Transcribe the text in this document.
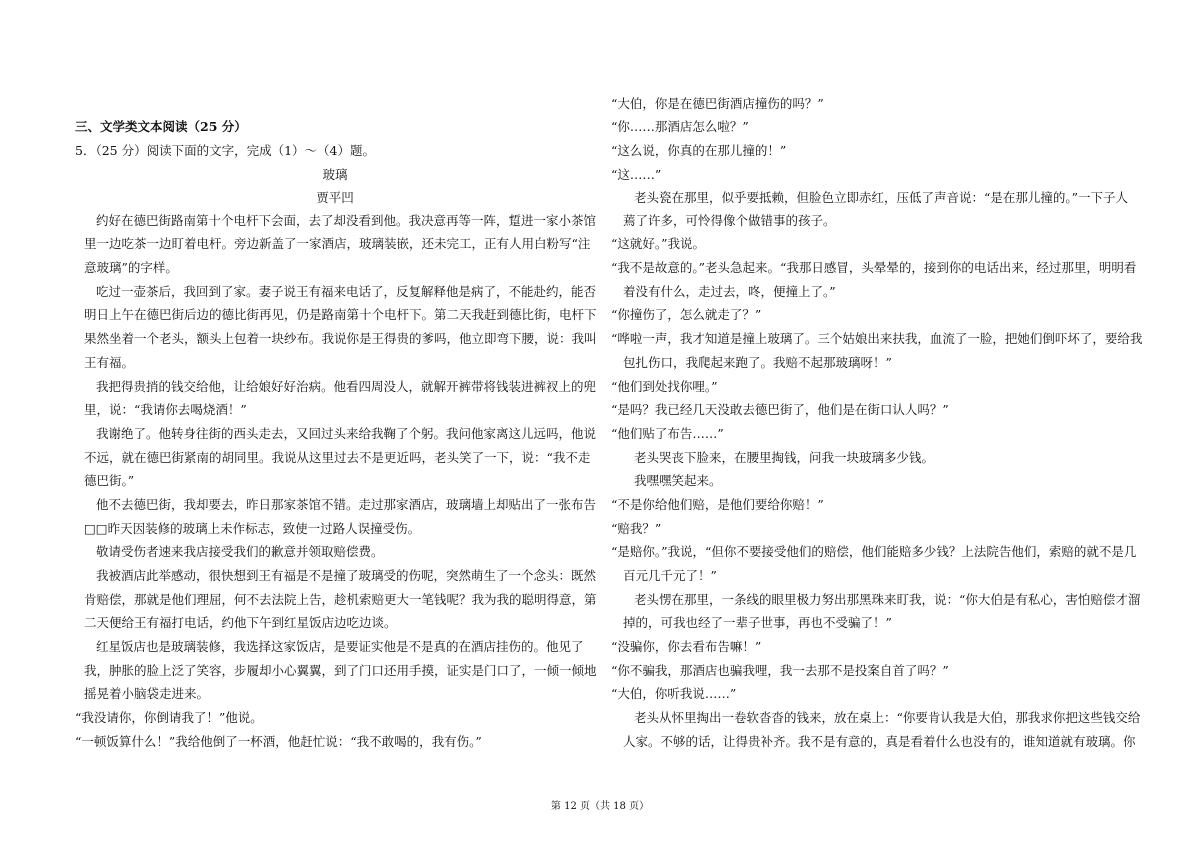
三、文学类文本阅读（25 分）
5．（25 分）阅读下面的文字，完成（1）～（4）题。
玻璃
贾平凹
约好在德巴街路南第十个电杆下会面，去了却没看到他。我决意再等一阵，踅进一家小茶馆
里一边吃茶一边盯着电杆。旁边新盖了一家酒店，玻璃装嵌，还未完工，正有人用白粉写“注
意玻璃”的字样。
吃过一壶茶后，我回到了家。妻子说王有福来电话了，反复解释他是病了，不能赴约，能否
明日上午在德巴街后边的德比街再见，仍是路南第十个电杆下。第二天我赶到德比街，电杆下
果然坐着一个老头，额头上包着一块纱布。我说你是王得贵的爹吗，他立即弯下腰，说：我叫
王有福。
我把得贵捎的钱交给他，让给娘好好治病。他看四周没人，就解开裤带将钱装进裤衩上的兜
里，说：“我请你去喝烧酒！”
我谢绝了。他转身往街的西头走去，又回过头来给我鞠了个躬。我问他家离这儿远吗，他说
不远，就在德巴街紧南的胡同里。我说从这里过去不是更近吗，老头笑了一下，说：“我不走
德巴街。”
他不去德巴街，我却要去，昨日那家茶馆不错。走过那家酒店，玻璃墙上却贴出了一张布告
□□昨天因装修的玻璃上未作标志，致使一过路人误撞受伤。
敬请受伤者速来我店接受我们的歉意并领取赔偿费。
我被酒店此举感动，很快想到王有福是不是撞了玻璃受的伤呢，突然萌生了一个念头：既然
肯赔偿，那就是他们理屈，何不去法院上告，趁机索赔更大一笔钱呢？我为我的聪明得意，第
二天便给王有福打电话，约他下午到红星饭店边吃边谈。
红星饭店也是玻璃装修，我选择这家饭店，是要证实他是不是真的在酒店挂伤的。他见了
我，肿胀的脸上泛了笑容，步履却小心翼翼，到了门口还用手摸，证实是门口了，一倾一倾地
摇晃着小脑袋走进来。
“我没请你，你倒请我了！”他说。
“一顿饭算什么！”我给他倒了一杯酒，他赶忙说：“我不敢喝的，我有伤。”
“大伯，你是在德巴街酒店撞伤的吗？”
“你……那酒店怎么啦？”
“这么说，你真的在那儿撞的！”
“这……”
老头瓷在那里，似乎要抵赖，但脸色立即赤红，压低了声音说：“是在那儿撞的。”一下子人
蔫了许多，可怜得像个做错事的孩子。
“这就好。”我说。
“我不是故意的。”老头急起来。“我那日感冒，头晕晕的，接到你的电话出来，经过那里，明明看
着没有什么，走过去，咚，便撞上了。”
“你撞伤了，怎么就走了？”
“哗啦一声，我才知道是撞上玻璃了。三个姑娘出来扶我，血流了一脸，把她们倒吓坏了，要给我
包扎伤口，我爬起来跑了。我赔不起那玻璃呀！”
“他们到处找你哩。”
“是吗？我已经几天没敢去德巴街了，他们是在街口认人吗？”
“他们贴了布告……”
老头哭丧下脸来，在腰里掏钱，问我一块玻璃多少钱。
我嘿嘿笑起来。
“不是你给他们赔，是他们要给你赔！”
“赔我？”
“是赔你。”我说，“但你不要接受他们的赔偿，他们能赔多少钱？上法院告他们，索赔的就不是几
百元几千元了！”
老头愣在那里，一条线的眼里极力努出那黑珠来盯我，说：“你大伯是有私心，害怕赔偿才溜
掉的，可我也经了一辈子世事，再也不受骗了！”
“没骗你，你去看布告嘛！”
“你不骗我，那酒店也骗我哩，我一去那不是投案自首了吗？”
“大伯，你听我说……”
老头从怀里掏出一卷软沓沓的钱来，放在桌上：“你要肯认我是大伯，那我求你把这些钱交给
人家。不够的话，让得贵补齐。我不是有意的，真是看着什么也没有的，谁知道就有玻璃。你
第 12 页（共 18 页）
